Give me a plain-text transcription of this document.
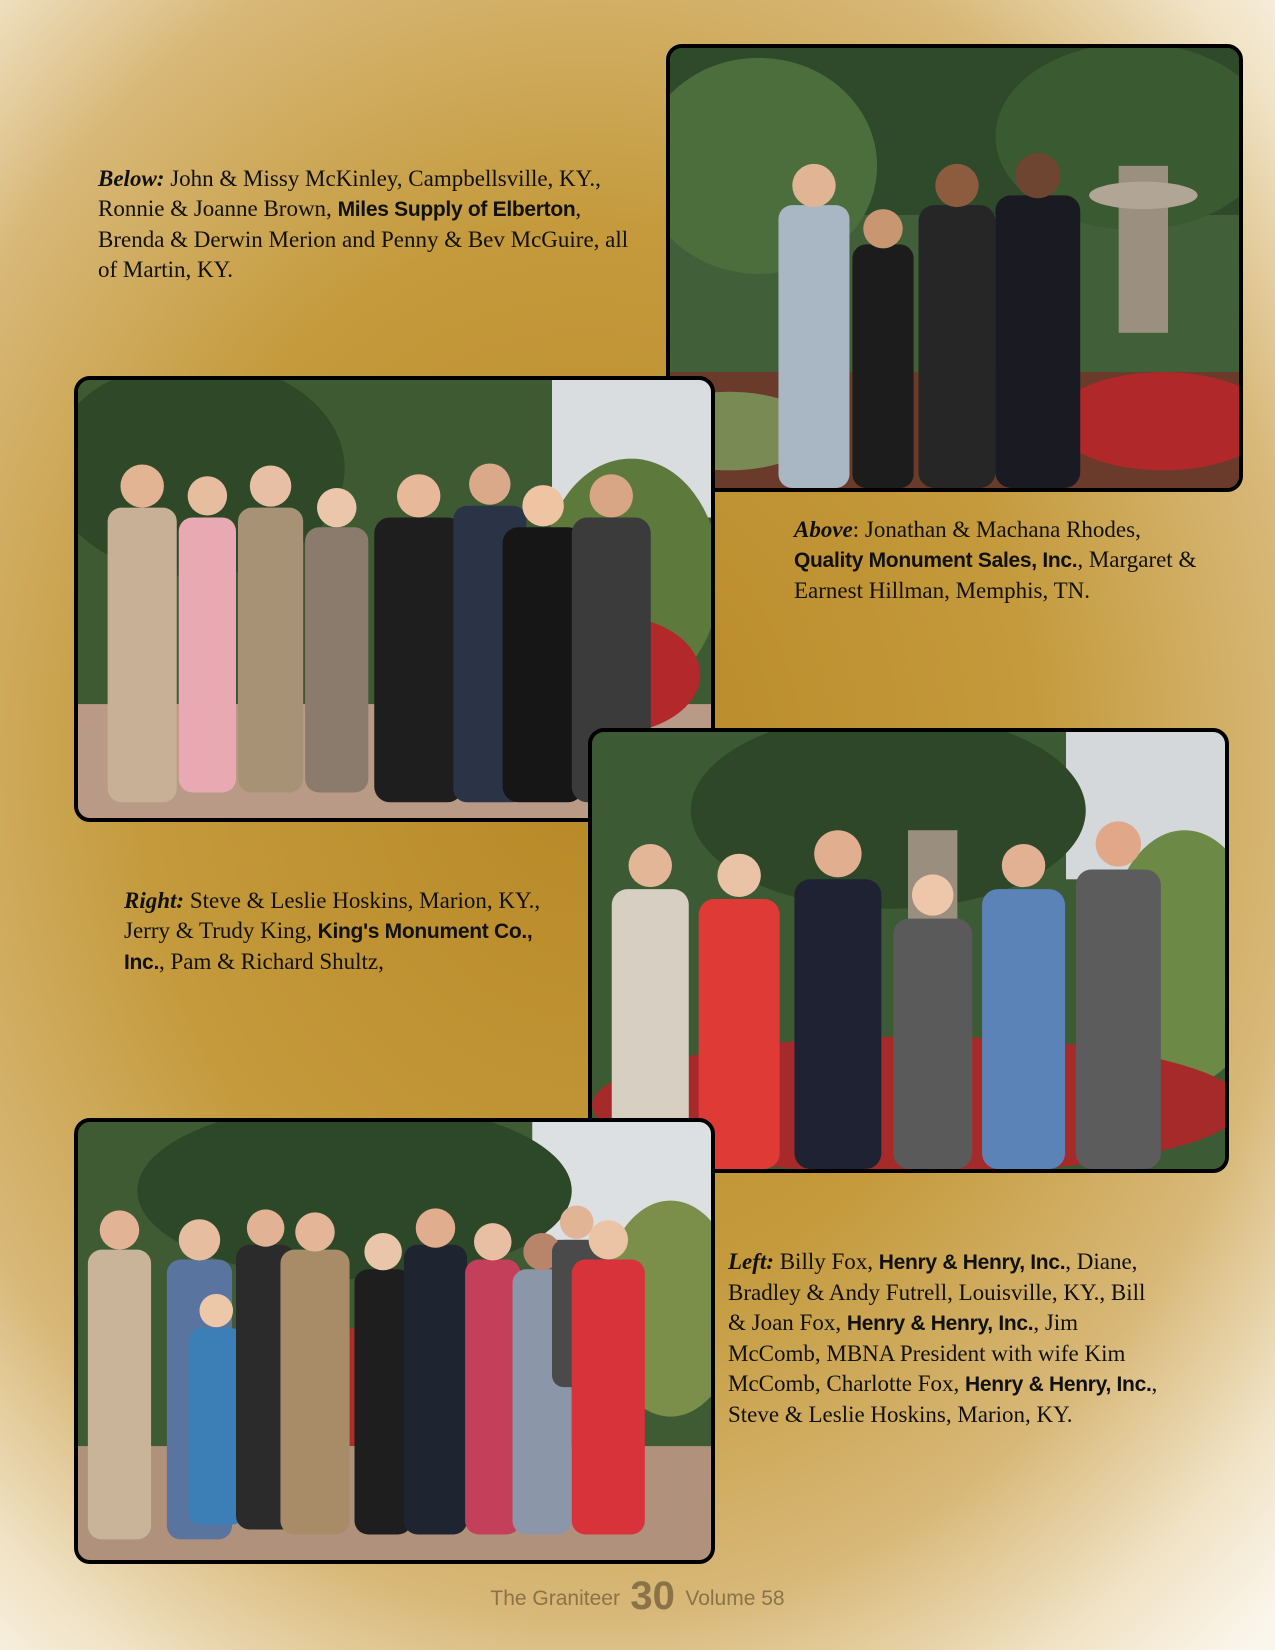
Below: John & Missy McKinley, Campbellsville, KY., Ronnie & Joanne Brown, Miles Supply of Elberton, Brenda & Derwin Merion and Penny & Bev McGuire, all of Martin, KY.
Above: Jonathan & Machana Rhodes, Quality Monument Sales, Inc., Margaret & Earnest Hillman, Memphis, TN.
Right: Steve & Leslie Hoskins, Marion, KY., Jerry & Trudy King, King's Monument Co., Inc., Pam & Richard Shultz,
Left: Billy Fox, Henry & Henry, Inc., Diane, Bradley & Andy Futrell, Louisville, KY., Bill & Joan Fox, Henry & Henry, Inc., Jim McComb, MBNA President with wife Kim McComb, Charlotte Fox, Henry & Henry, Inc., Steve & Leslie Hoskins, Marion, KY.
The Graniteer 30 Volume 58
